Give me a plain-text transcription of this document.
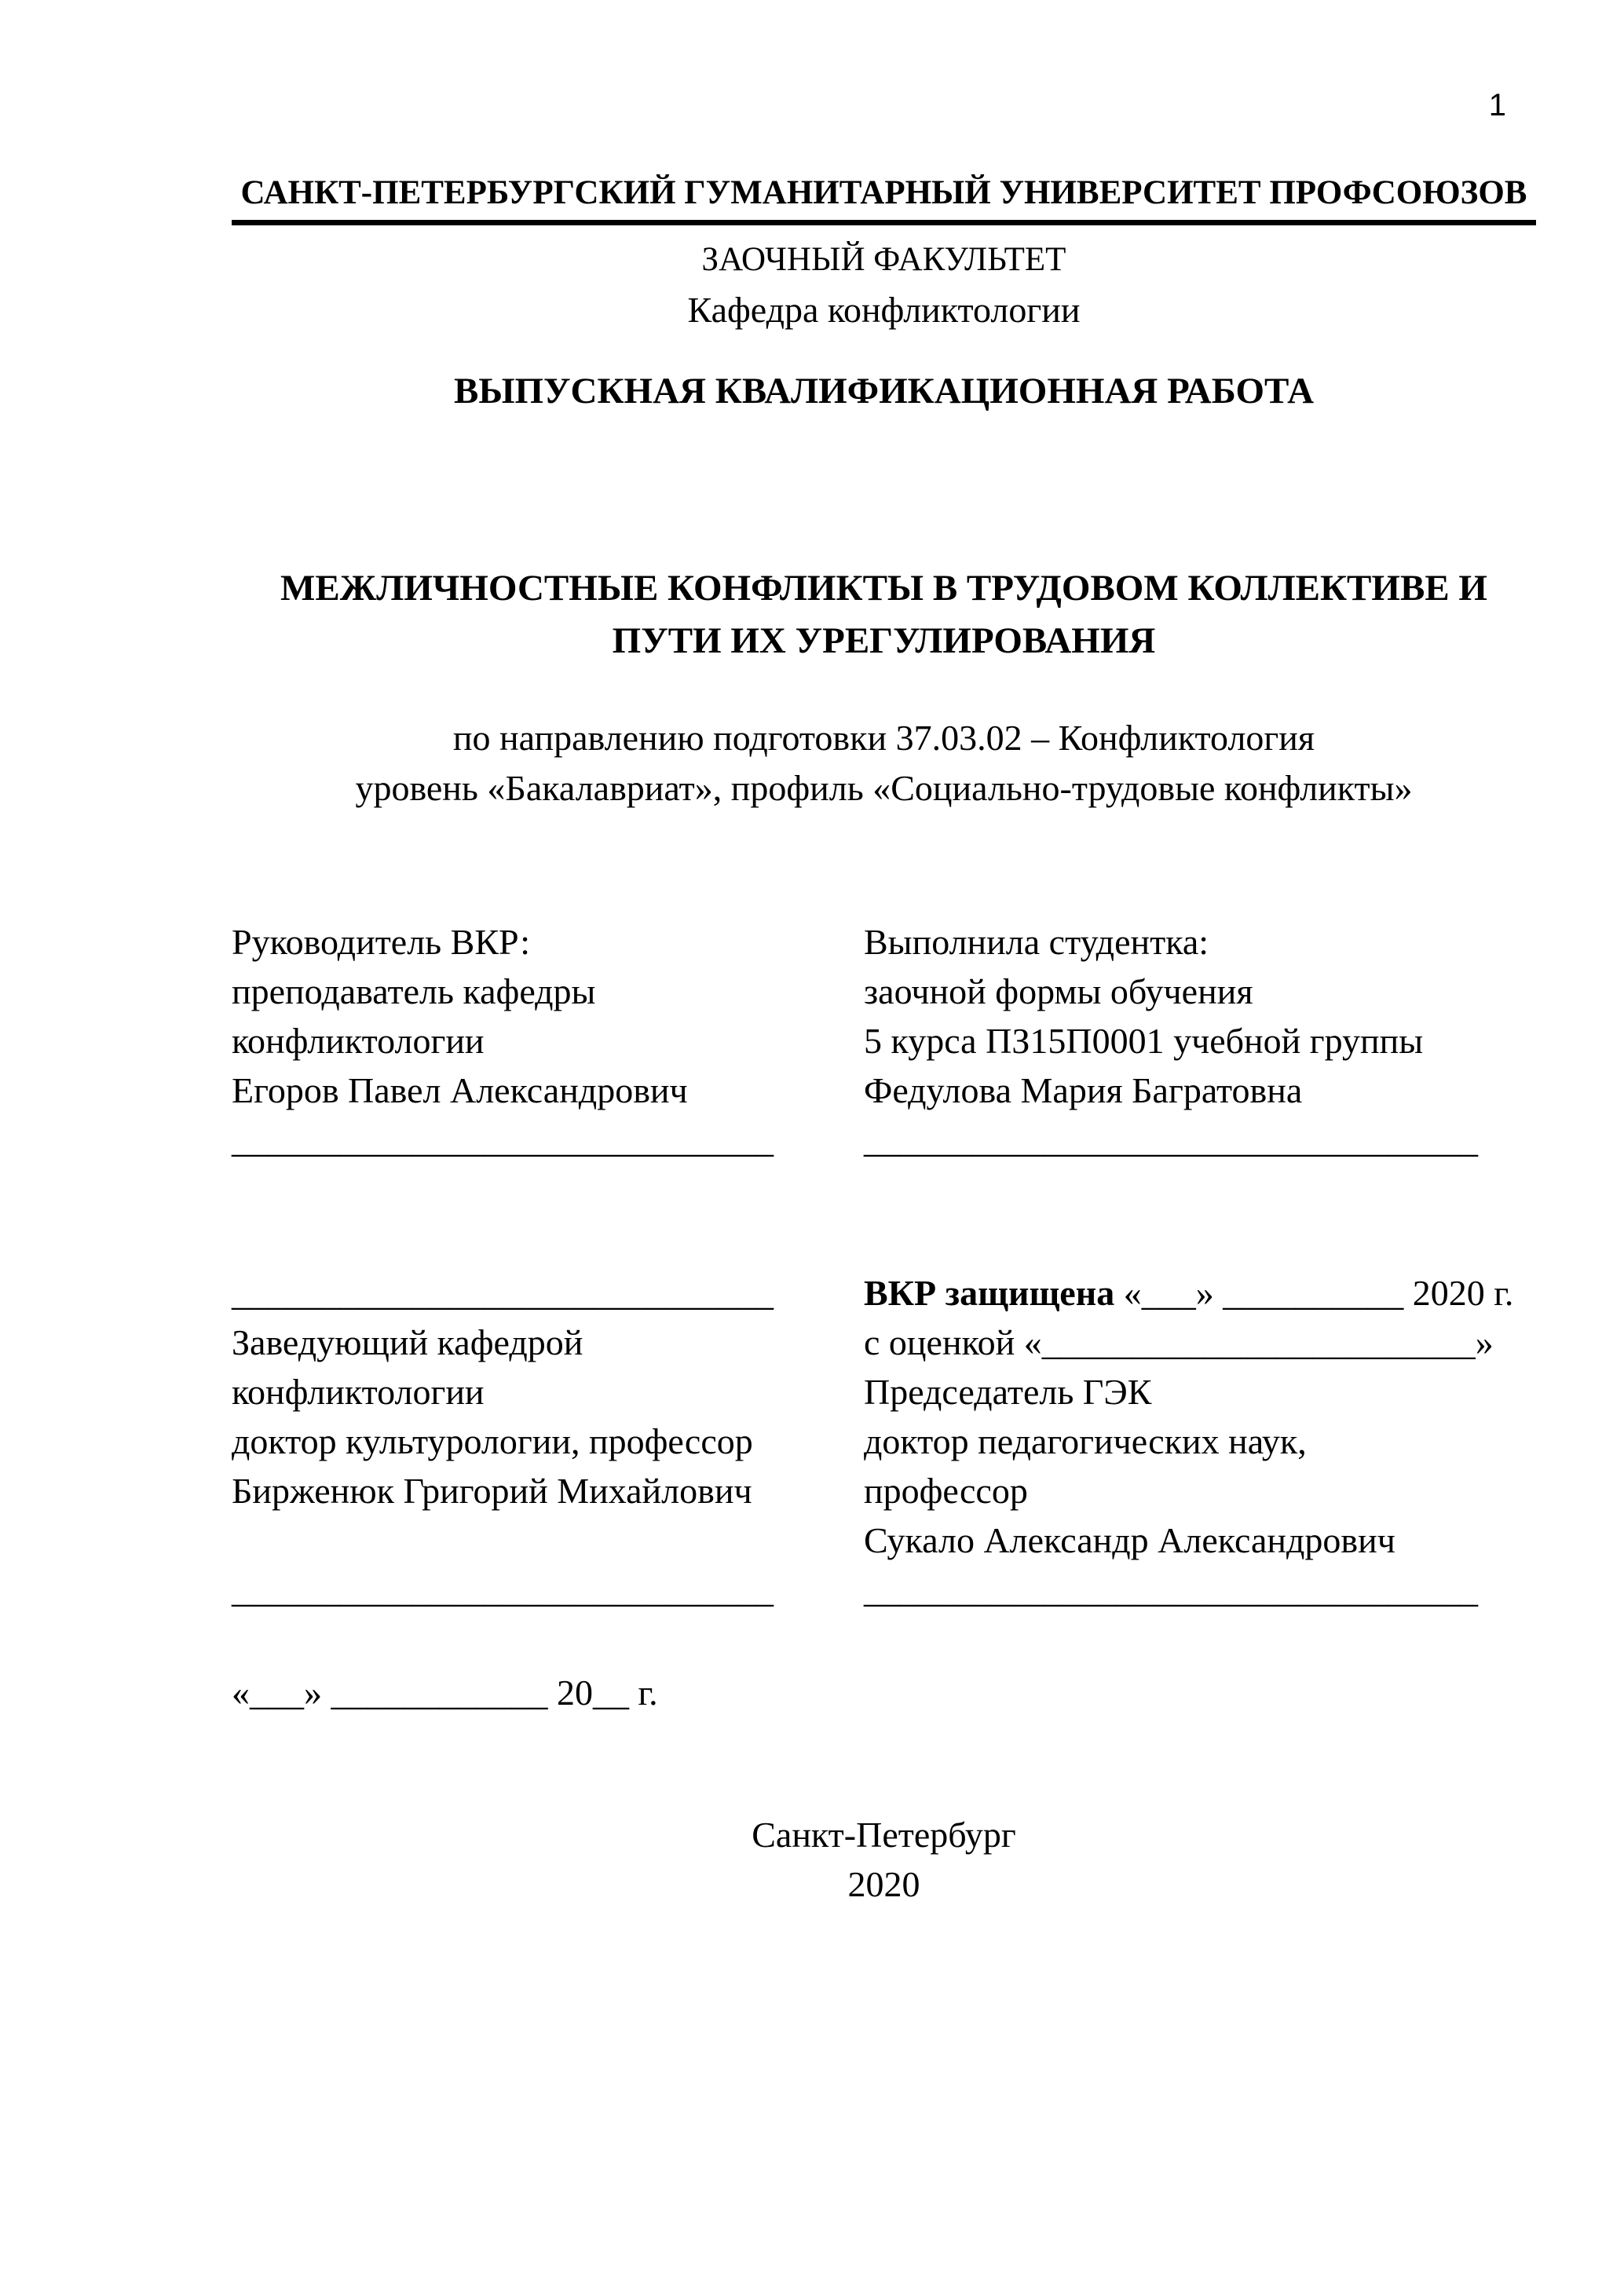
1
САНКТ-ПЕТЕРБУРГСКИЙ ГУМАНИТАРНЫЙ УНИВЕРСИТЕТ ПРОФСОЮЗОВ
ЗАОЧНЫЙ ФАКУЛЬТЕТ
Кафедра конфликтологии
ВЫПУСКНАЯ КВАЛИФИКАЦИОННАЯ РАБОТА
МЕЖЛИЧНОСТНЫЕ КОНФЛИКТЫ В ТРУДОВОМ КОЛЛЕКТИВЕ И
ПУТИ ИХ УРЕГУЛИРОВАНИЯ
по направлению подготовки 37.03.02 – Конфликтология
уровень «Бакалавриат», профиль «Социально-трудовые конфликты»
Руководитель ВКР:
преподаватель кафедры
конфликтологии
Егоров Павел Александрович
______________________________
Выполнила студентка:
заочной формы обучения
5 курса ПЗ15П0001 учебной группы
Федулова Мария Багратовна
__________________________________
______________________________
Заведующий кафедрой
конфликтологии
доктор культурологии, профессор
Бирженюк Григорий Михайлович
______________________________
ВКР защищена «___» __________ 2020 г.
с оценкой «________________________»
Председатель ГЭК
доктор педагогических наук,
профессор
Сукало Александр Александрович
__________________________________
«___» ____________ 20__ г.
Санкт-Петербург
2020
